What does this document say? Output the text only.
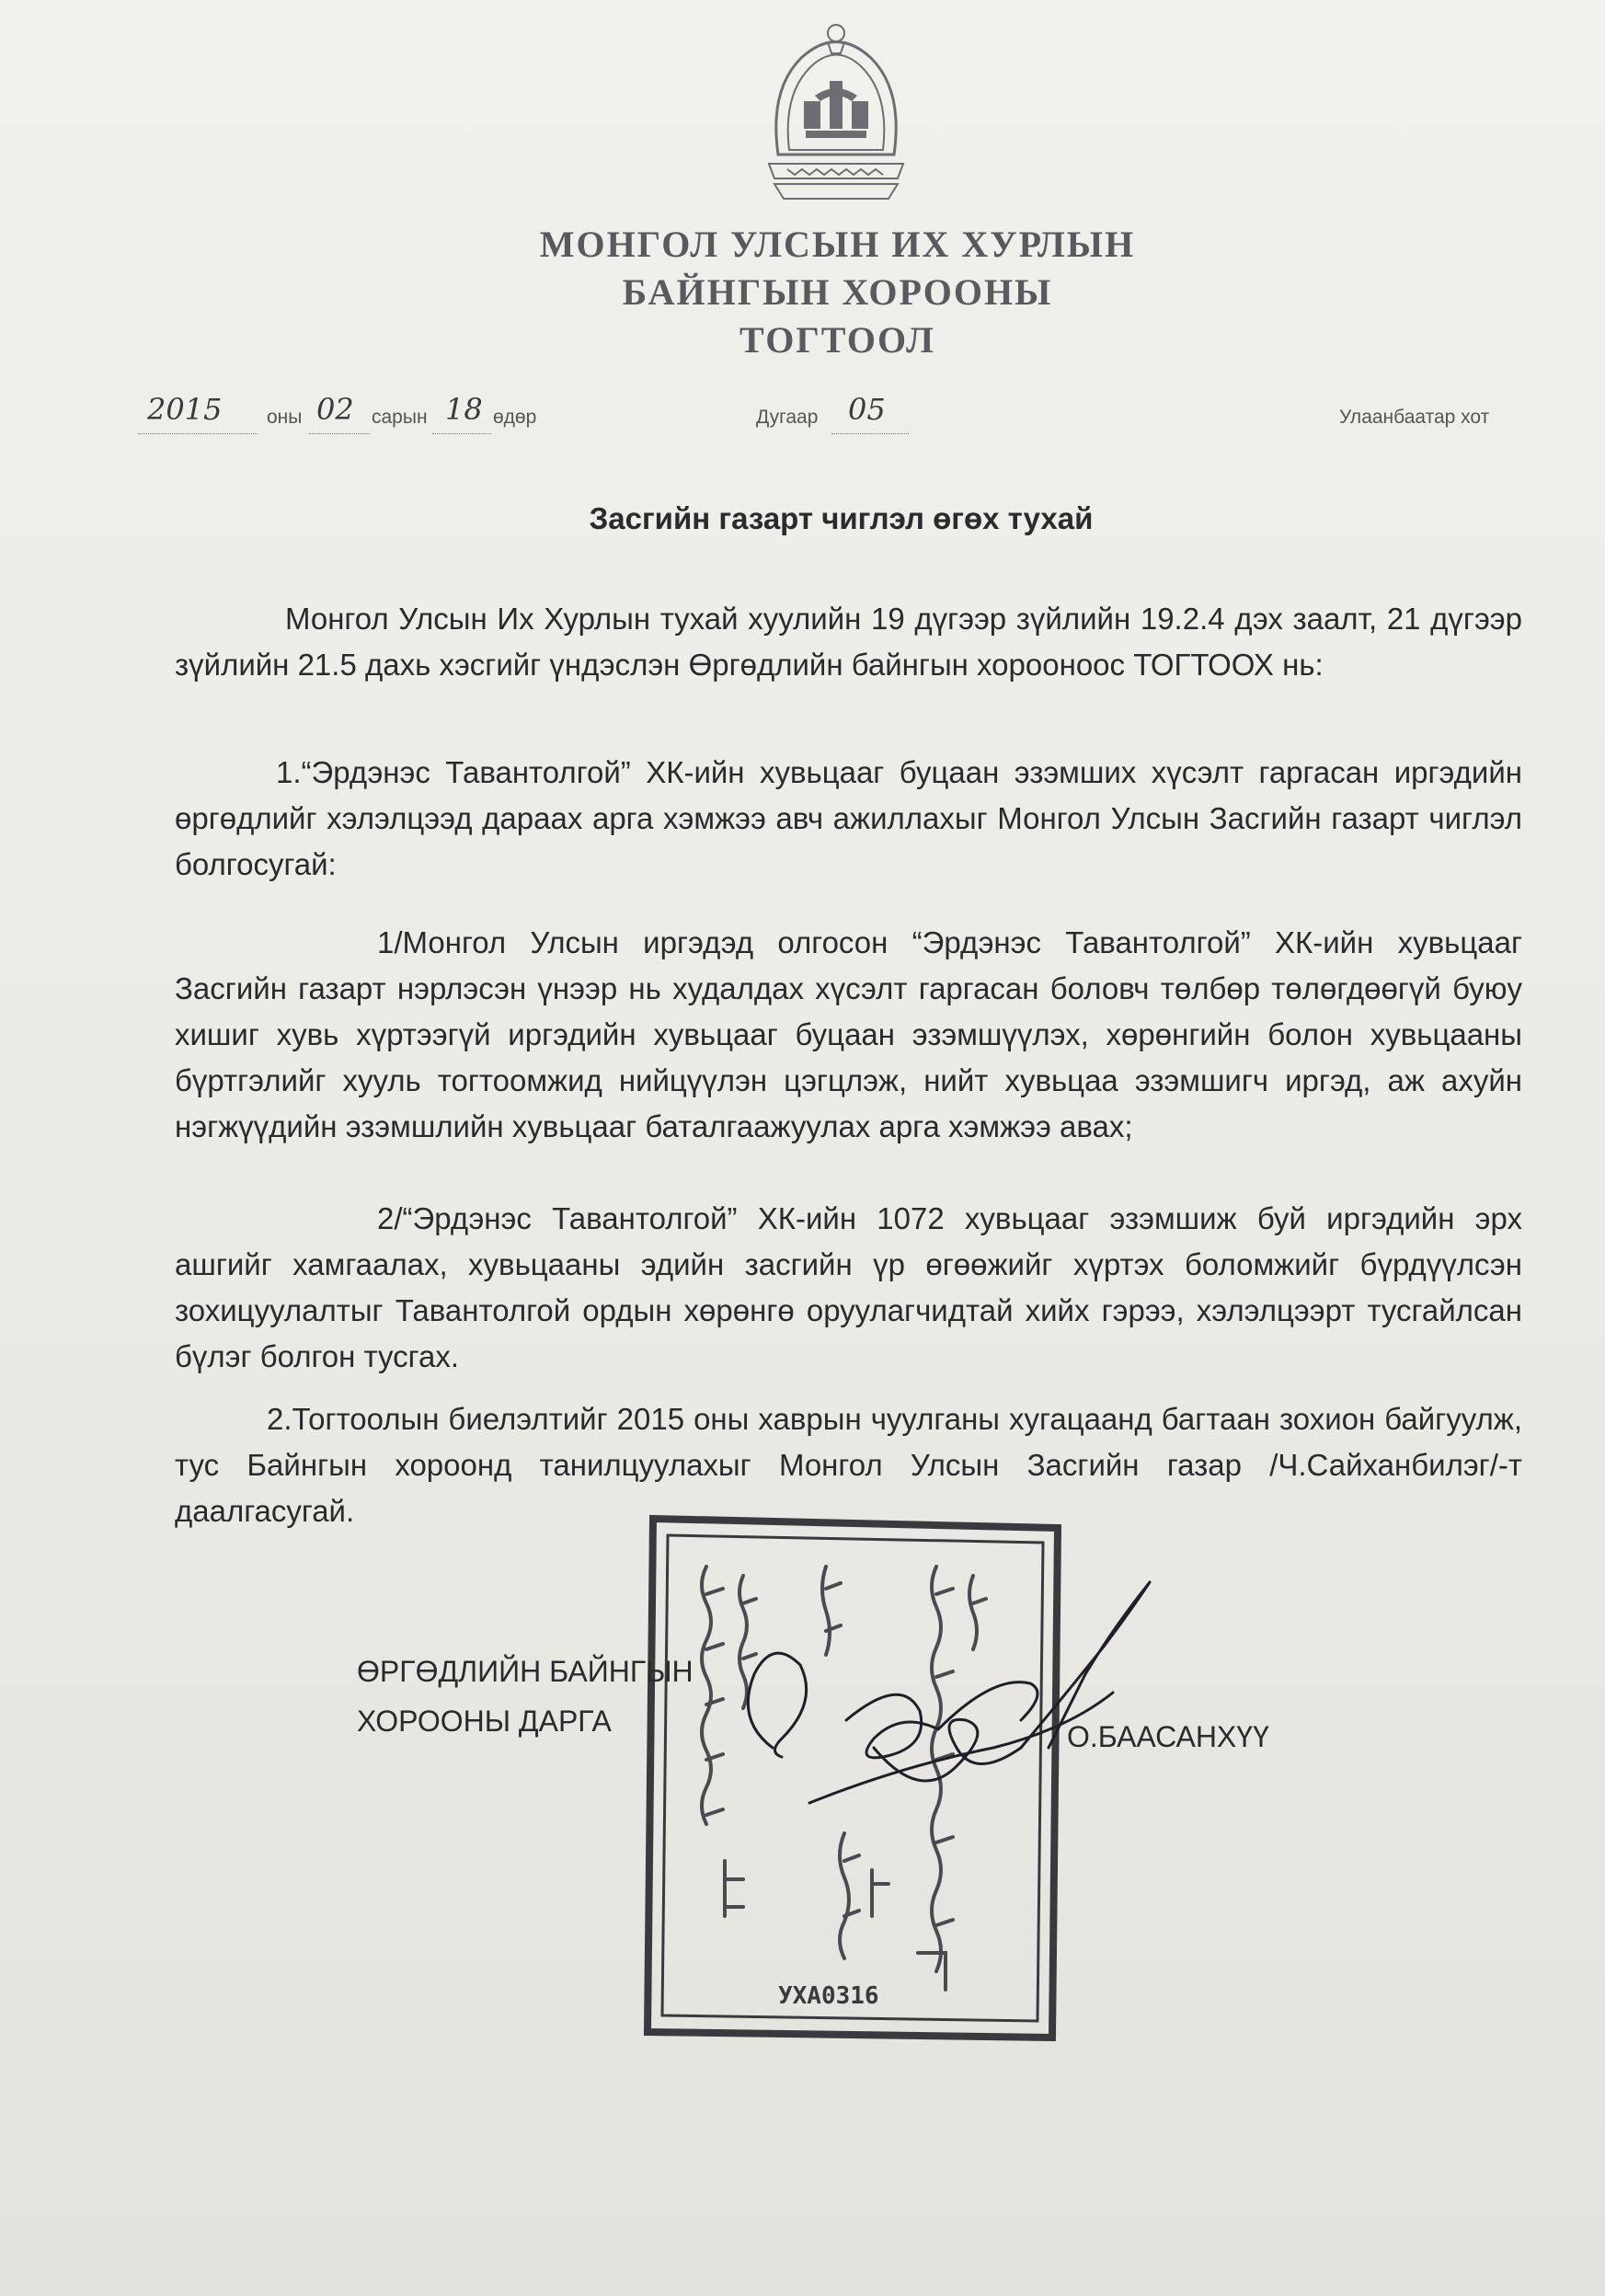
МОНГОЛ УЛСЫН ИХ ХУРЛЫН
БАЙНГЫН ХОРООНЫ
ТОГТООЛ
2015 оны 02 сарын 18 өдөр	Дугаар 05	Улаанбаатар хот
Засгийн газарт чиглэл өгөх тухай

Монгол Улсын Их Хурлын тухай хуулийн 19 дүгээр зүйлийн 19.2.4 дэх заалт, 21 дүгээр зүйлийн 21.5 дахь хэсгийг үндэслэн Өргөдлийн байнгын хорооноос ТОГТООХ нь:

1.“Эрдэнэс Тавантолгой” ХК-ийн хувьцааг буцаан эзэмших хүсэлт гаргасан иргэдийн өргөдлийг хэлэлцээд дараах арга хэмжээ авч ажиллахыг Монгол Улсын Засгийн газарт чиглэл болгосугай:

1/Монгол Улсын иргэдэд олгосон “Эрдэнэс Тавантолгой” ХК-ийн хувьцааг Засгийн газарт нэрлэсэн үнээр нь худалдах хүсэлт гаргасан боловч төлбөр төлөгдөөгүй буюу хишиг хувь хүртээгүй иргэдийн хувьцааг буцаан эзэмшүүлэх, хөрөнгийн болон хувьцааны бүртгэлийг хууль тогтоомжид нийцүүлэн цэгцлэж, нийт хувьцаа эзэмшигч иргэд, аж ахуйн нэгжүүдийн эзэмшлийн хувьцааг баталгаажуулах арга хэмжээ авах;

2/“Эрдэнэс Тавантолгой” ХК-ийн 1072 хувьцааг эзэмшиж буй иргэдийн эрх ашгийг хамгаалах, хувьцааны эдийн засгийн үр өгөөжийг хүртэх боломжийг бүрдүүлсэн зохицуулалтыг Тавантолгой ордын хөрөнгө оруулагчидтай хийх гэрээ, хэлэлцээрт тусгайлсан бүлэг болгон тусгах.

2.Тогтоолын биелэлтийг 2015 оны хаврын чуулганы хугацаанд багтаан зохион байгуулж, тус Байнгын хороонд танилцуулахыг Монгол Улсын Засгийн газар /Ч.Сайханбилэг/-т даалгасугай.

УХА0316
ӨРГӨДЛИЙН БАЙНГЫН
ХОРООНЫ ДАРГА	О.БААСАНХҮҮ
